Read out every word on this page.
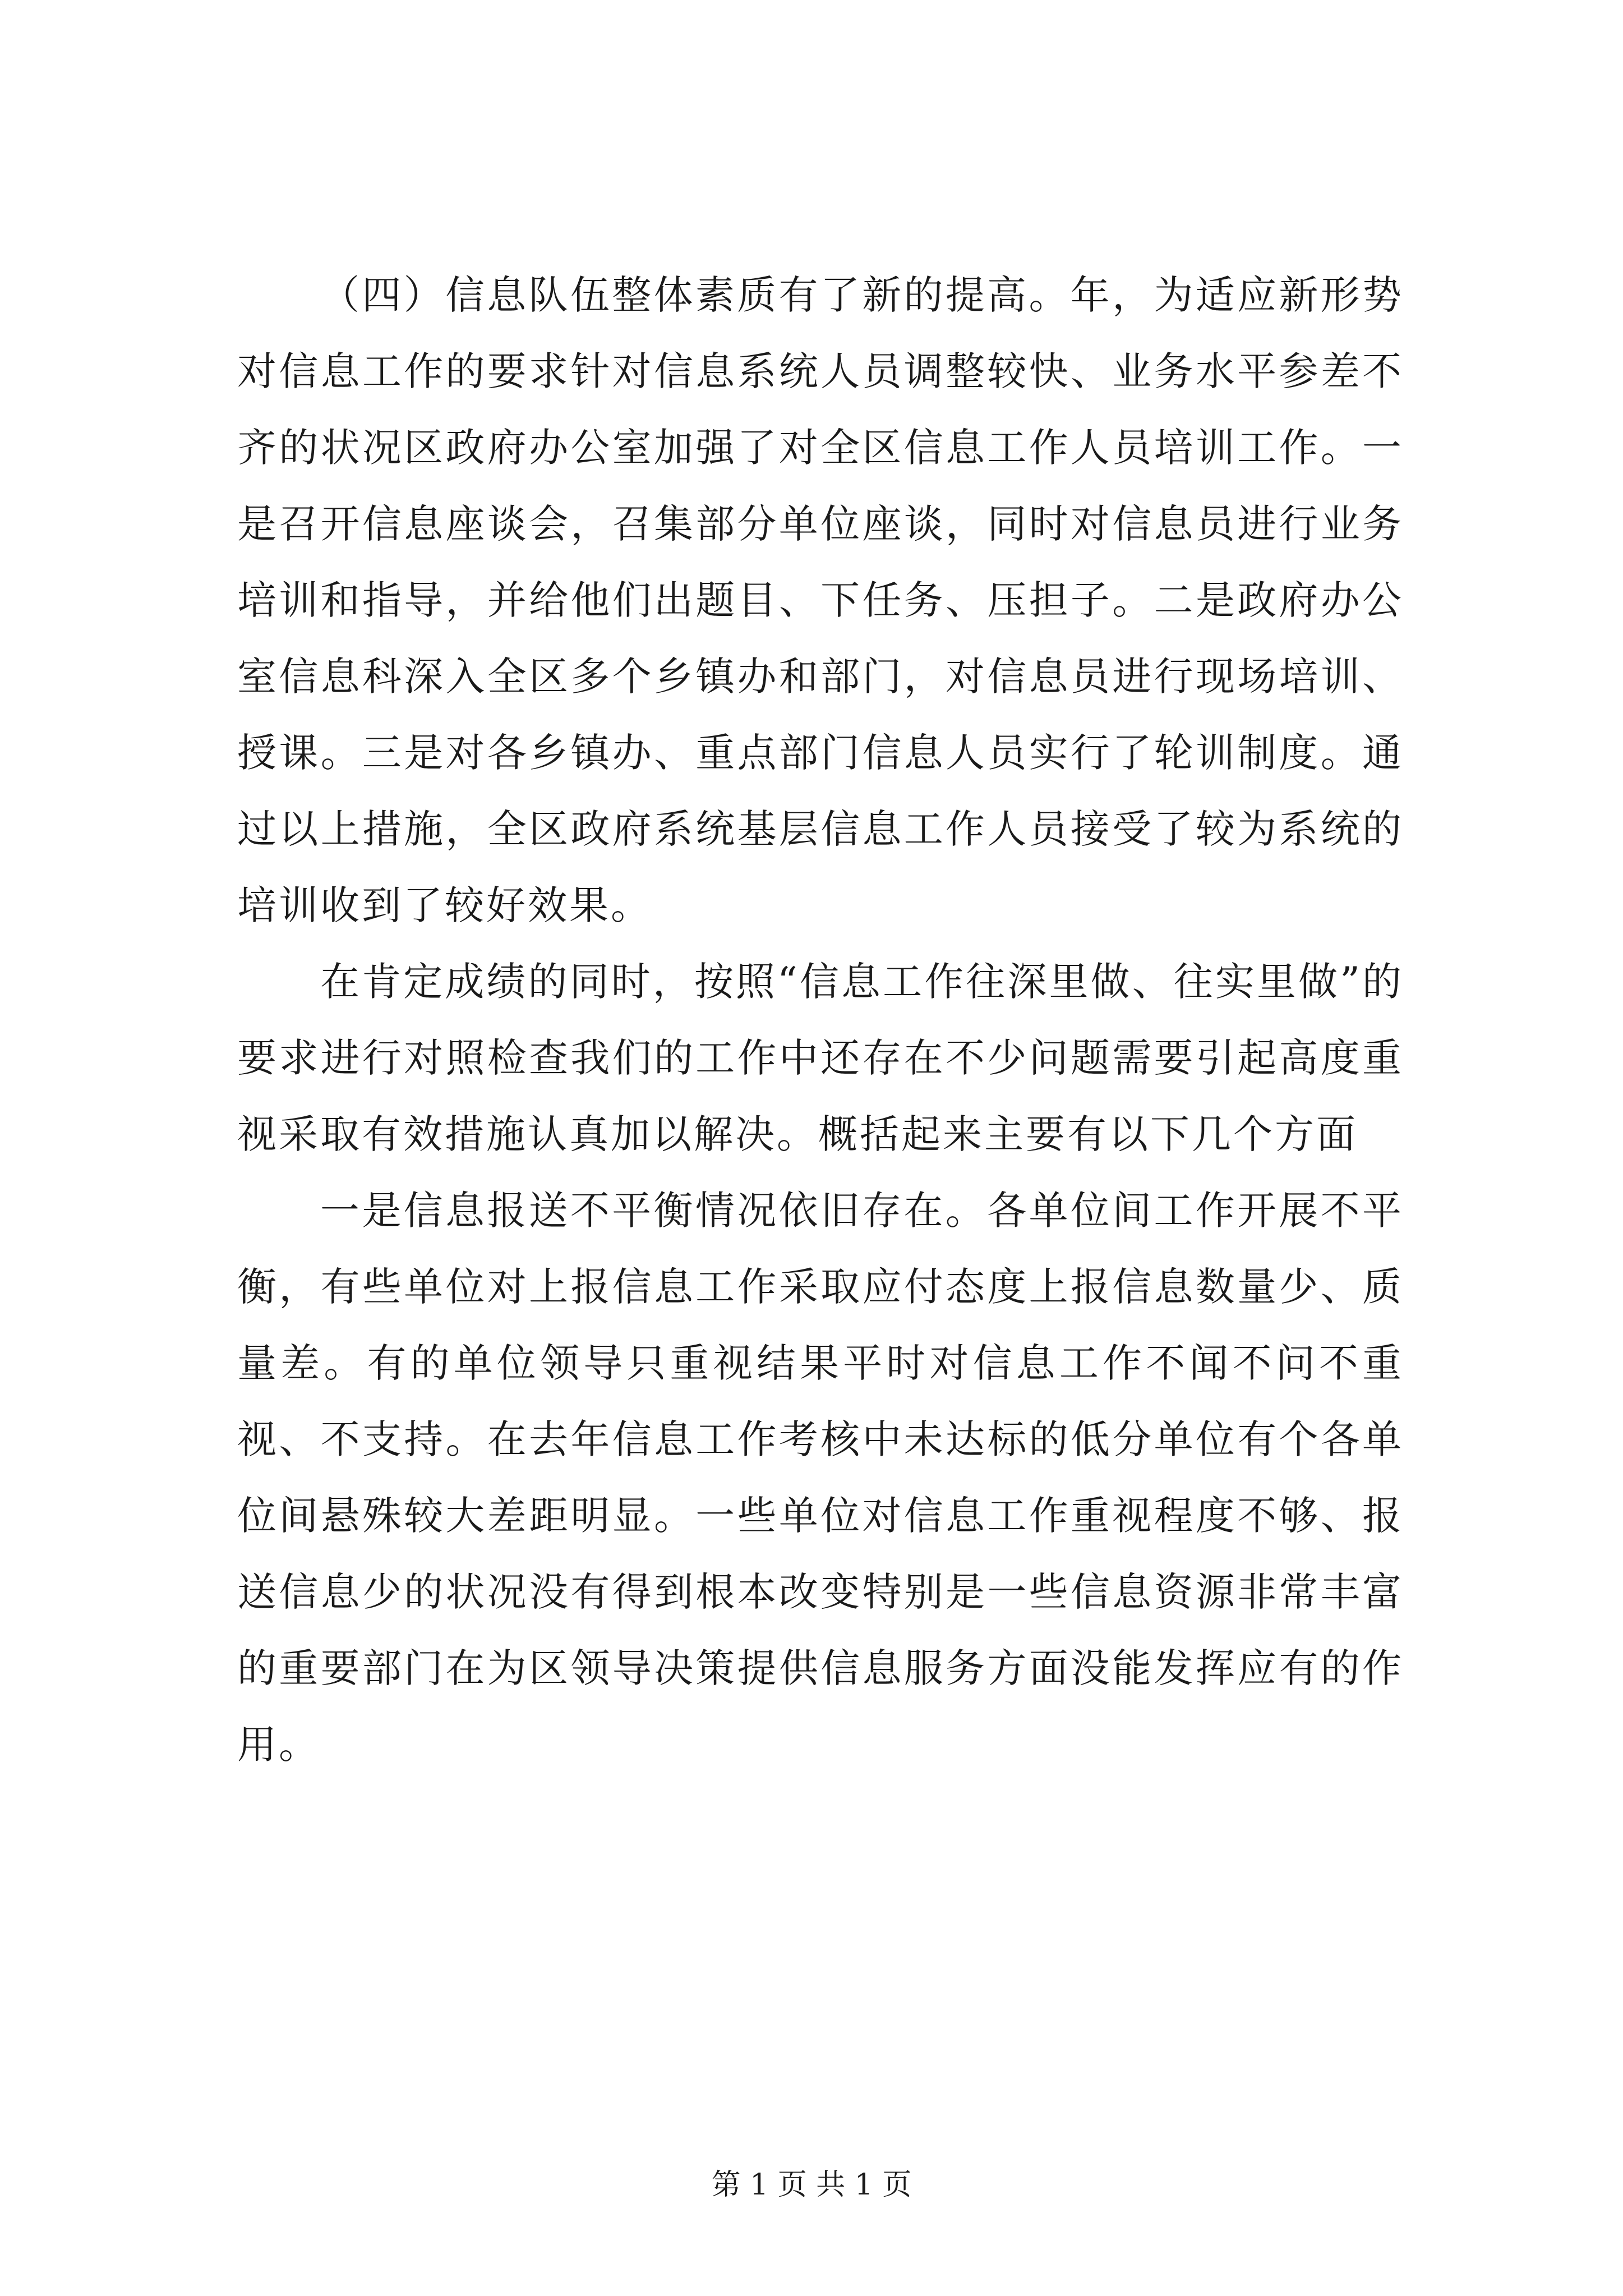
（四）信息队伍整体素质有了新的提高。年，为适应新形势对信息工作的要求针对信息系统人员调整较快、业务水平参差不齐的状况区政府办公室加强了对全区信息工作人员培训工作。一是召开信息座谈会，召集部分单位座谈，同时对信息员进行业务培训和指导，并给他们出题目、下任务、压担子。二是政府办公室信息科深入全区多个乡镇办和部门，对信息员进行现场培训、授课。三是对各乡镇办、重点部门信息人员实行了轮训制度。通过以上措施，全区政府系统基层信息工作人员接受了较为系统的培训收到了较好效果。

在肯定成绩的同时，按照“信息工作往深里做、往实里做”的要求进行对照检查我们的工作中还存在不少问题需要引起高度重视采取有效措施认真加以解决。概括起来主要有以下几个方面

一是信息报送不平衡情况依旧存在。各单位间工作开展不平衡，有些单位对上报信息工作采取应付态度上报信息数量少、质量差。有的单位领导只重视结果平时对信息工作不闻不问不重视、不支持。在去年信息工作考核中未达标的低分单位有个各单位间悬殊较大差距明显。一些单位对信息工作重视程度不够、报送信息少的状况没有得到根本改变特别是一些信息资源非常丰富的重要部门在为区领导决策提供信息服务方面没能发挥应有的作用。

第 1 页 共 1 页
